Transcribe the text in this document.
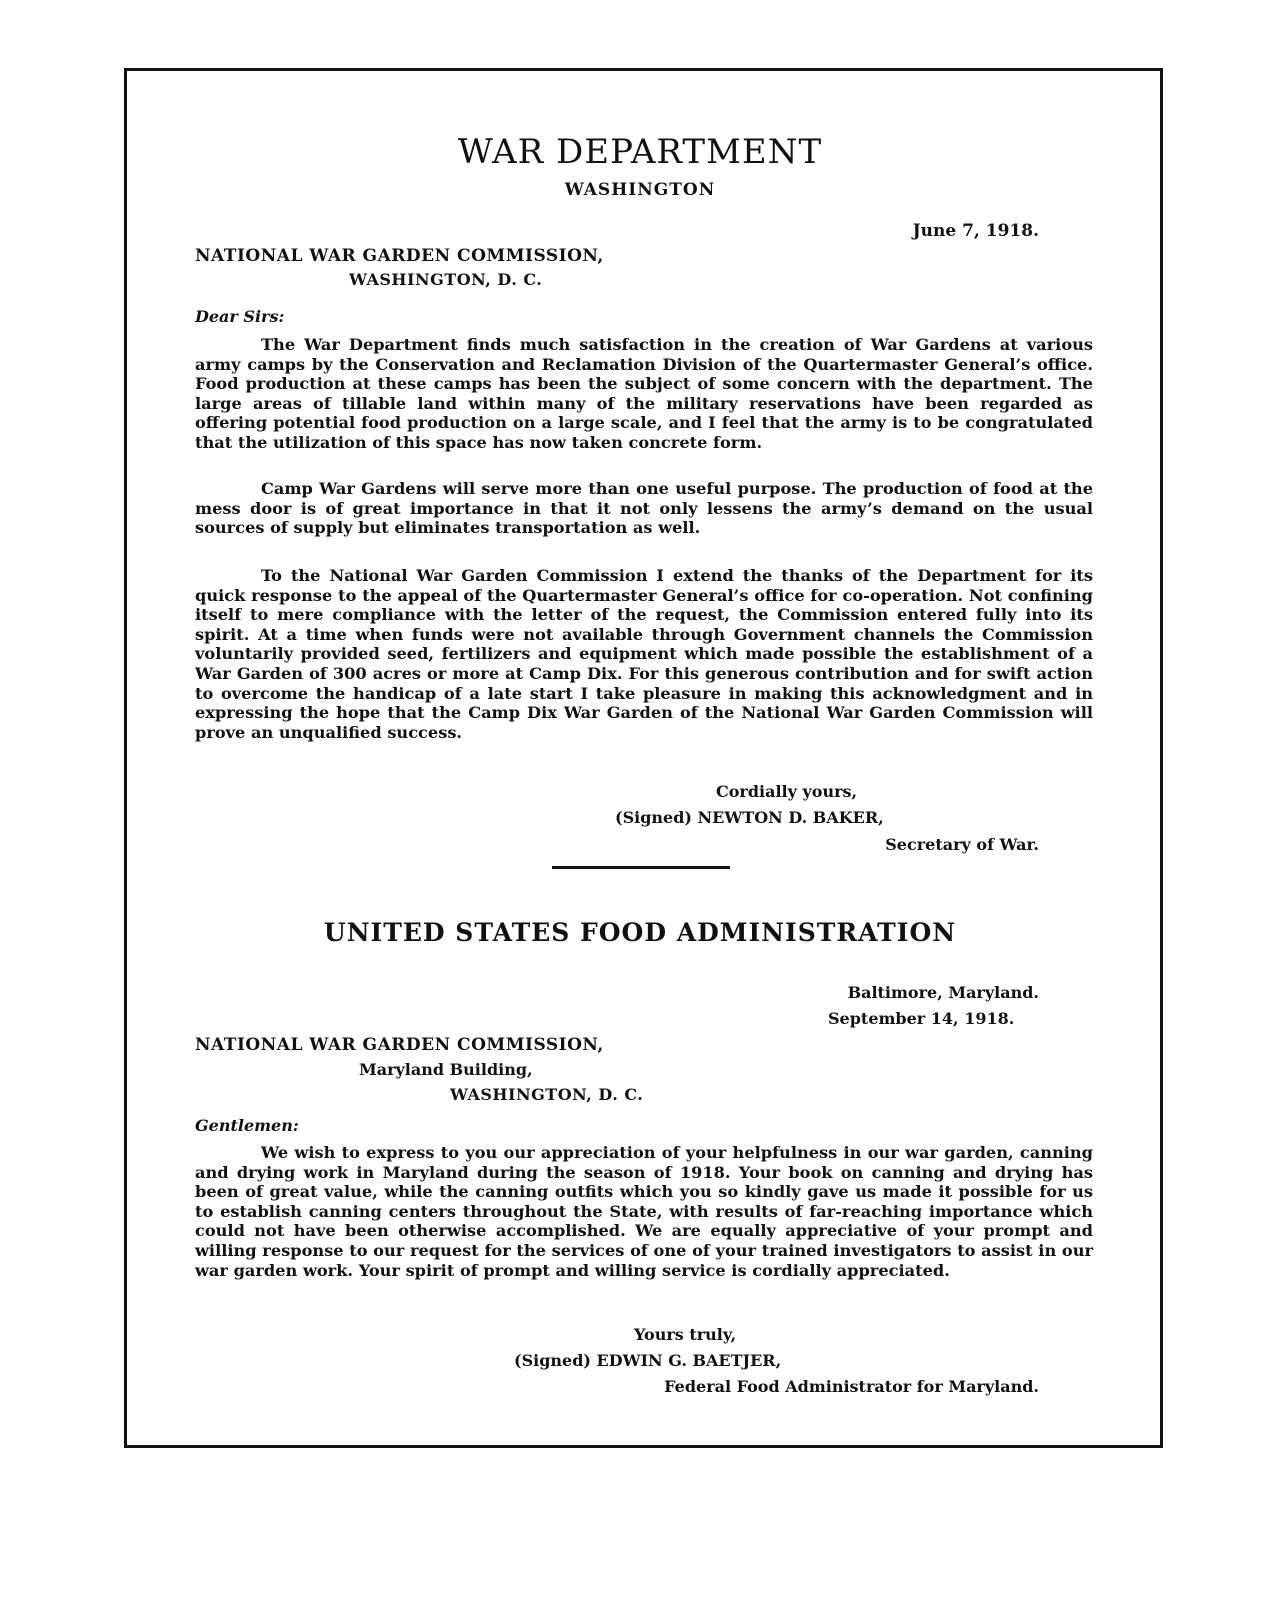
WAR DEPARTMENT
WASHINGTON
June 7, 1918.
NATIONAL WAR GARDEN COMMISSION,
WASHINGTON, D. C.
Dear Sirs:

The War Department finds much satisfaction in the creation of War Gardens at various army camps by the Conservation and Reclamation Division of the Quartermaster General’s office. Food production at these camps has been the subject of some concern with the department. The large areas of tillable land within many of the military reservations have been regarded as offering potential food production on a large scale, and I feel that the army is to be congratulated that the utilization of this space has now taken concrete form.

Camp War Gardens will serve more than one useful purpose. The production of food at the mess door is of great importance in that it not only lessens the army’s demand on the usual sources of supply but eliminates transportation as well.

To the National War Garden Commission I extend the thanks of the Department for its quick response to the appeal of the Quartermaster General’s office for co-operation. Not confining itself to mere compliance with the letter of the request, the Commission entered fully into its spirit. At a time when funds were not available through Government channels the Commission voluntarily provided seed, fertilizers and equipment which made possible the establishment of a War Garden of 300 acres or more at Camp Dix. For this generous contribution and for swift action to overcome the handicap of a late start I take pleasure in making this acknowledgment and in expressing the hope that the Camp Dix War Garden of the National War Garden Commission will prove an unqualified success.

Cordially yours,
(Signed) NEWTON D. BAKER,
Secretary of War.
UNITED STATES FOOD ADMINISTRATION
Baltimore, Maryland.
September 14, 1918.
NATIONAL WAR GARDEN COMMISSION,
Maryland Building,
WASHINGTON, D. C.
Gentlemen:

We wish to express to you our appreciation of your helpfulness in our war garden, canning and drying work in Maryland during the season of 1918. Your book on canning and drying has been of great value, while the canning outfits which you so kindly gave us made it possible for us to establish canning centers throughout the State, with results of far-reaching importance which could not have been otherwise accomplished. We are equally appreciative of your prompt and willing response to our request for the services of one of your trained investigators to assist in our war garden work. Your spirit of prompt and willing service is cordially appreciated.

Yours truly,
(Signed) EDWIN G. BAETJER,
Federal Food Administrator for Maryland.
